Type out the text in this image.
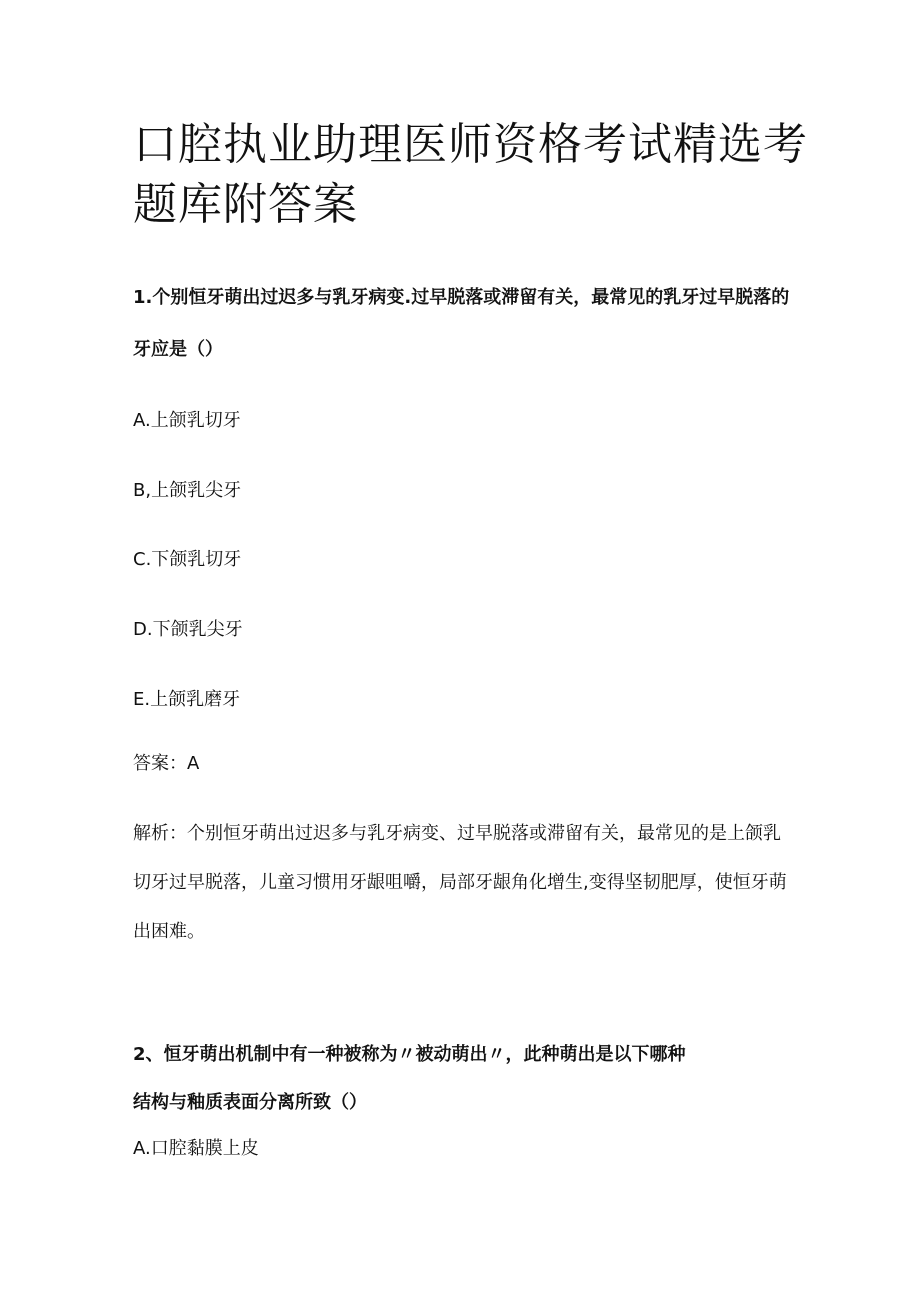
口腔执业助理医师资格考试精选考题库附答案

1.个别恒牙萌出过迟多与乳牙病变.过早脱落或滞留有关，最常见的乳牙过早脱落的牙应是（）

A.上颌乳切牙
B,上颌乳尖牙
C.下颌乳切牙
D.下颌乳尖牙
E.上颌乳磨牙
答案：A

解析：个别恒牙萌出过迟多与乳牙病变、过早脱落或滞留有关，最常见的是上颌乳切牙过早脱落，儿童习惯用牙龈咀嚼，局部牙龈角化增生,变得坚韧肥厚，使恒牙萌出困难。

2、恒牙萌出机制中有一种被称为〃被动萌出〃，此种萌出是以下哪种
结构与釉质表面分离所致（）
A.口腔黏膜上皮
